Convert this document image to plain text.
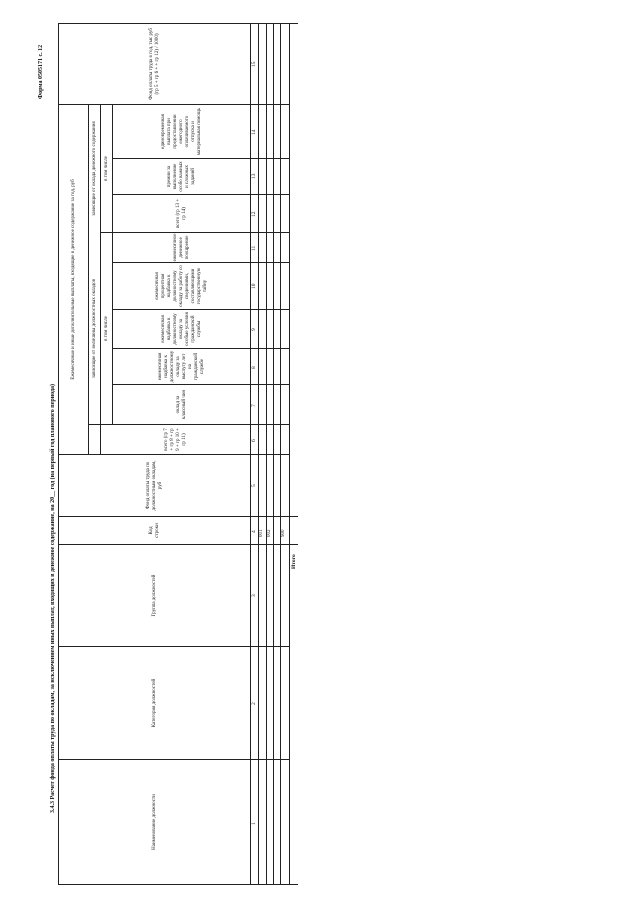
Форма 0505171 с. 12
3.4.3 Расчет фонда оплаты труда по окладам, за исключением иных выплат, входящих в денежное содержание, на 20__ год (на первый год планового периода)
Наименование должности
Категория должностей
Группа должностей
Код строки
Фонд оплаты труда по должностным окладам, руб
Ежемесячные и иные дополнительные выплаты, входящие в денежное содержание за год, руб	зависящие от величины должностных окладов
зависящие от оклада денежного содержания
в том числе
в том числе
всего (гр 7 + гр 8 + гр 9 + гр 10 + гр 11)
оклад за классный чин
ежемесячная надбавка к должностному окладу за выслугу лет на гражданской службе
ежемесячная надбавка к должностному окладу за особые условия гражданской службы
ежемесячная процентная надбавка к должностному окладу за работу со сведениями, составляющими государственную тайну
ежемесячное денежное поощрение
всего (гр 13 + гр 14)
премии за выполнение особо важных и сложных заданий
единовременная выплата при предоставлении ежегодного оплачиваемого отпуска и материальная помощь
Фонд оплаты труда в год, тыс руб (гр 5 + гр 6 + + гр 12) / 1000)
1
2
3
4
5
6
7
8
9
10
11
12
13
14
15
001 002 900
Итого
